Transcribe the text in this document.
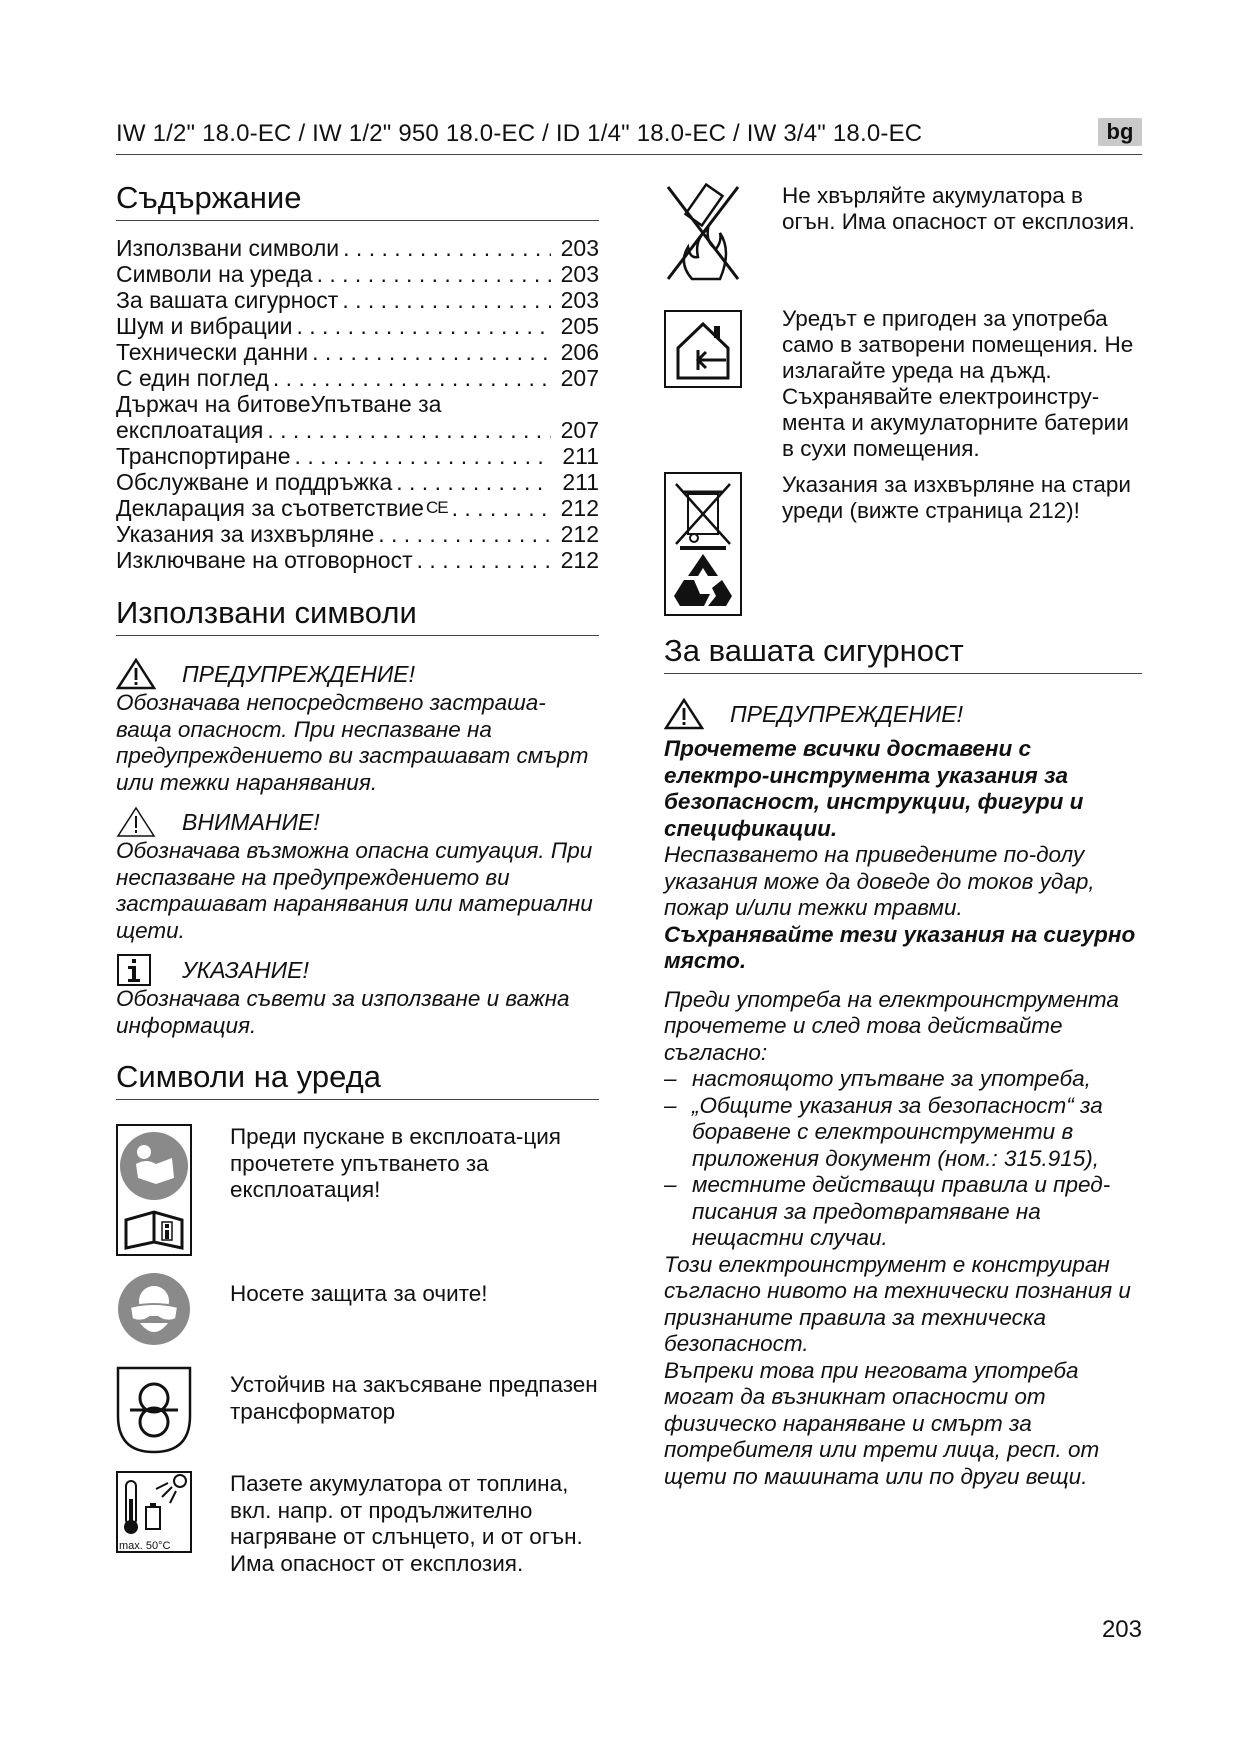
IW 1/2" 18.0-EC / IW 1/2" 950 18.0-EC / ID 1/4" 18.0-EC / IW 3/4" 18.0-EC	bg
Съдържание
Използвани символи . . .	203
Символи на уреда . . .	203
За вашата сигурност . . .	203
Шум и вибрации . . .	205
Технически данни . . .	206
С един поглед . . .	207
Държач на битовеУпътване за
експлоатация . . .	207
Транспортиране . . .	211
Обслужване и поддръжка . . .	211
Декларация за съответствие CE . . .	212
Указания за изхвърляне . . .	212
Изключване на отговорност . . .	212
Използвани символи
ПРЕДУПРЕЖДЕНИЕ!
Обозначава непосредствено застраша-ваща опасност. При неспазване на предупреждението ви застрашават смърт или тежки наранявания.
ВНИМАНИЕ!
Обозначава възможна опасна ситуация. При неспазване на предупреждението ви застрашават наранявания или материални щети.
УКАЗАНИЕ!
Обозначава съвети за използване и важна информация.
Символи на уреда
Преди пускане в експлоата-ция прочетете упътването за експлоатация!
Носете защита за очите!
Устойчив на закъсяване предпазен трансформатор
max. 50°C
Пазете акумулатора от топлина, вкл. напр. от продължително нагряване от слънцето, и от огън. Има опасност от експлозия.
Не хвърляйте акумулатора в огън. Има опасност от експлозия.
Уредът е пригоден за употреба само в затворени помещения. Не излагайте уреда на дъжд. Съхранявайте електроинстру-мента и акумулаторните батерии в сухи помещения.
Указания за изхвърляне на стари уреди (вижте страница 212)!
За вашата сигурност
ПРЕДУПРЕЖДЕНИЕ!
Прочетете всички доставени с електро-инструмента указания за безопасност, инструкции, фигури и спецификации.
Неспазването на приведените по-долу указания може да доведе до токов удар, пожар и/или тежки травми.
Съхранявайте тези указания на сигурно място.
Преди употреба на електроинструмента прочетете и след това действайте съгласно:
– настоящото упътване за употреба,
– „Общите указания за безопасност“ за боравене с електроинструменти в приложения документ (ном.: 315.915),
– местните действащи правила и пред-писания за предотвратяване на нещастни случаи.
Този електроинструмент е конструиран съгласно нивото на технически познания и признаните правила за техническа безопасност.
Въпреки това при неговата употреба могат да възникнат опасности от физическо нараняване и смърт за потребителя или трети лица, респ. от щети по машината или по други вещи.
203
